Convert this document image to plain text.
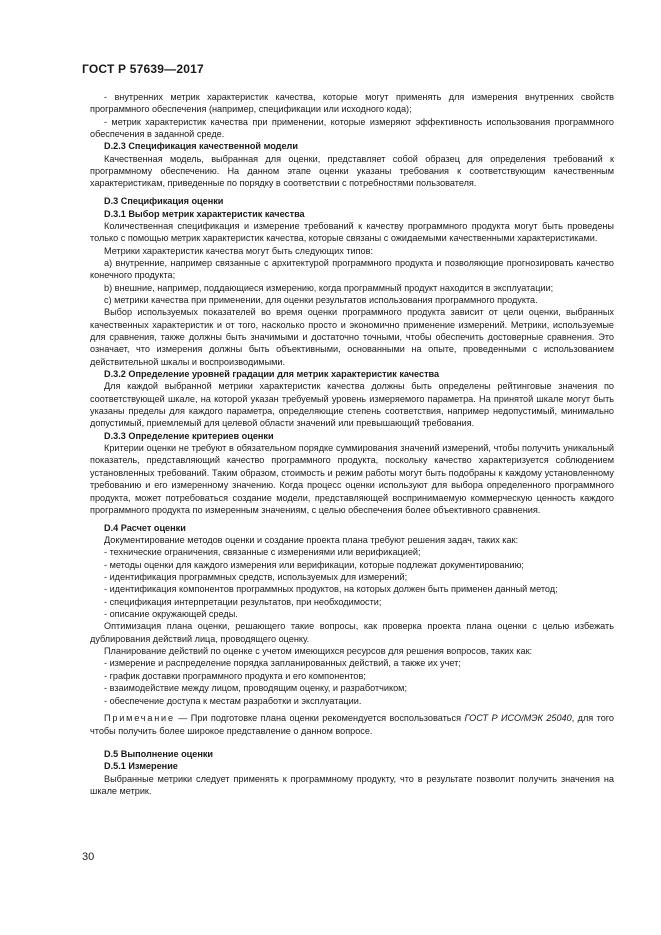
ГОСТ Р 57639—2017

- внутренних метрик характеристик качества, которые могут применять для измерения внутренних свойств программного обеспечения (например, спецификации или исходного кода);

- метрик характеристик качества при применении, которые измеряют эффективность использования программного обеспечения в заданной среде.

D.2.3 Спецификация качественной модели

Качественная модель, выбранная для оценки, представляет собой образец для определения требований к программному обеспечению. На данном этапе оценки указаны требования к соответствующим качественным характеристикам, приведенные по порядку в соответствии с потребностями пользователя.

D.3 Спецификация оценки

D.3.1 Выбор метрик характеристик качества

Количественная спецификация и измерение требований к качеству программного продукта могут быть проведены только с помощью метрик характеристик качества, которые связаны с ожидаемыми качественными характеристиками.

Метрики характеристик качества могут быть следующих типов:

a) внутренние, например связанные с архитектурой программного продукта и позволяющие прогнозировать качество конечного продукта;

b) внешние, например, поддающиеся измерению, когда программный продукт находится в эксплуатации;

c) метрики качества при применении, для оценки результатов использования программного продукта.

Выбор используемых показателей во время оценки программного продукта зависит от цели оценки, выбранных качественных характеристик и от того, насколько просто и экономично применение измерений. Метрики, используемые для сравнения, также должны быть значимыми и достаточно точными, чтобы обеспечить достоверные сравнения. Это означает, что измерения должны быть объективными, основанными на опыте, проведенными с использованием действительной шкалы и воспроизводимыми.

D.3.2 Определение уровней градации для метрик характеристик качества

Для каждой выбранной метрики характеристик качества должны быть определены рейтинговые значения по соответствующей шкале, на которой указан требуемый уровень измеряемого параметра. На принятой шкале могут быть указаны пределы для каждого параметра, определяющие степень соответствия, например недопустимый, минимально допустимый, приемлемый для целевой области значений или превышающий требования.

D.3.3 Определение критериев оценки

Критерии оценки не требуют в обязательном порядке суммирования значений измерений, чтобы получить уникальный показатель, представляющий качество программного продукта, поскольку качество характеризуется соблюдением установленных требований. Таким образом, стоимость и режим работы могут быть подобраны к каждому установленному требованию и его измеренному значению. Когда процесс оценки используют для выбора определенного программного продукта, может потребоваться создание модели, представляющей воспринимаемую коммерческую ценность каждого программного продукта по измеренным значениям, с целью обеспечения более объективного сравнения.

D.4 Расчет оценки

Документирование методов оценки и создание проекта плана требуют решения задач, таких как:

- технические ограничения, связанные с измерениями или верификацией;

- методы оценки для каждого измерения или верификации, которые подлежат документированию;

- идентификация программных средств, используемых для измерений;

- идентификация компонентов программных продуктов, на которых должен быть применен данный метод;

- спецификация интерпретации результатов, при необходимости;

- описание окружающей среды.

Оптимизация плана оценки, решающего такие вопросы, как проверка проекта плана оценки с целью избежать дублирования действий лица, проводящего оценку.

Планирование действий по оценке с учетом имеющихся ресурсов для решения вопросов, таких как:

- измерение и распределение порядка запланированных действий, а также их учет;

- график доставки программного продукта и его компонентов;

- взаимодействие между лицом, проводящим оценку, и разработчиком;

- обеспечение доступа к местам разработки и эксплуатации.

Примечание — При подготовке плана оценки рекомендуется воспользоваться ГОСТ Р ИСО/МЭК 25040, для того чтобы получить более широкое представление о данном вопросе.

D.5 Выполнение оценки

D.5.1 Измерение

Выбранные метрики следует применять к программному продукту, что в результате позволит получить значения на шкале метрик.

30
